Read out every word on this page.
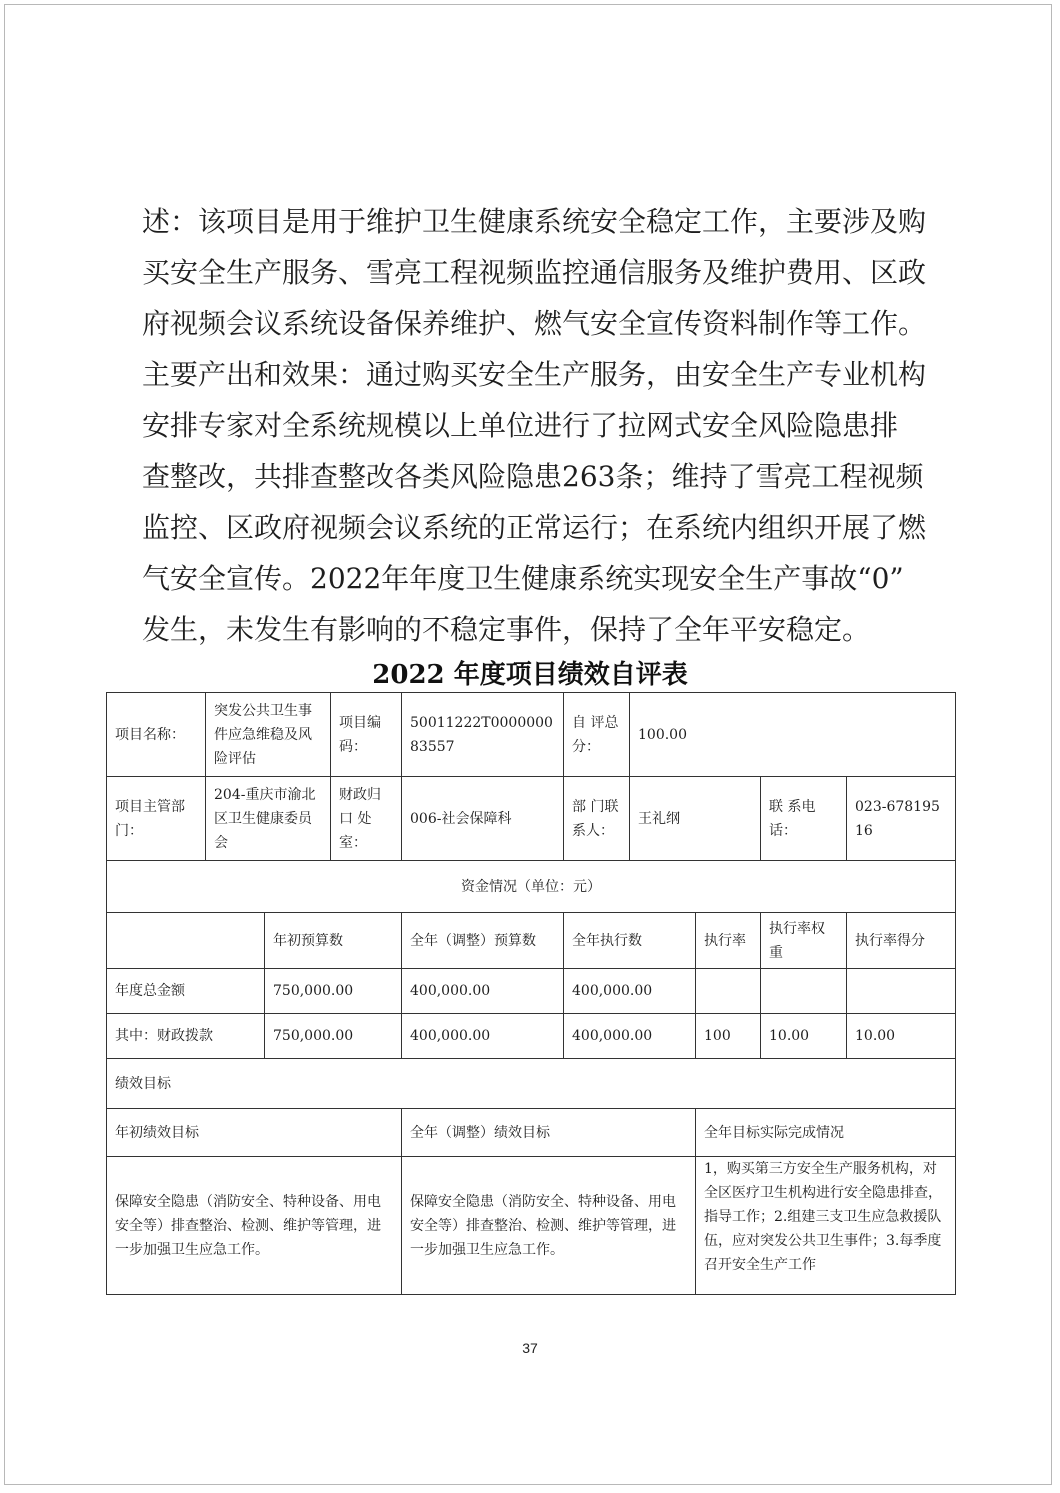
述：该项目是用于维护卫生健康系统安全稳定工作，主要涉及购

买安全生产服务、雪亮工程视频监控通信服务及维护费用、区政

府视频会议系统设备保养维护、燃气安全宣传资料制作等工作。

主要产出和效果：通过购买安全生产服务，由安全生产专业机构

安排专家对全系统规模以上单位进行了拉网式安全风险隐患排

查整改，共排查整改各类风险隐患263条；维持了雪亮工程视频

监控、区政府视频会议系统的正常运行；在系统内组织开展了燃

气安全宣传。2022年年度卫生健康系统实现安全生产事故“0”

发生，未发生有影响的不稳定事件，保持了全年平安稳定。

2022 年度项目绩效自评表
项目名称：	突发公共卫生事件应急维稳及风险评估		项目编码：	50011222T000000083557	自 评总分：	100.00			
项目主管部门：	204-重庆市渝北区卫生健康委员会		财政归口 处室：	006-社会保障科	部 门联 系人：	王礼纲		联 系电话：	023-67819516
资金情况（单位：元）									
		年初预算数		全年（调整）预算数	全年执行数		执行率	执行率权重	执行率得分
年度总金额		750,000.00		400,000.00	400,000.00				
其中：财政拨款		750,000.00		400,000.00	400,000.00		100	10.00	10.00
绩效目标									
年初绩效目标				全年（调整）绩效目标			全年目标实际完成情况		
保障安全隐患（消防安全、特种设备、用电安全等）排查整治、检测、维护等管理，进一步加强卫生应急工作。				保障安全隐患（消防安全、特种设备、用电安全等）排查整治、检测、维护等管理，进一步加强卫生应急工作。			1，购买第三方安全生产服务机构，对全区医疗卫生机构进行安全隐患排查，指导工作；2.组建三支卫生应急救援队伍，应对突发公共卫生事件；3.每季度召开安全生产工作		
37
